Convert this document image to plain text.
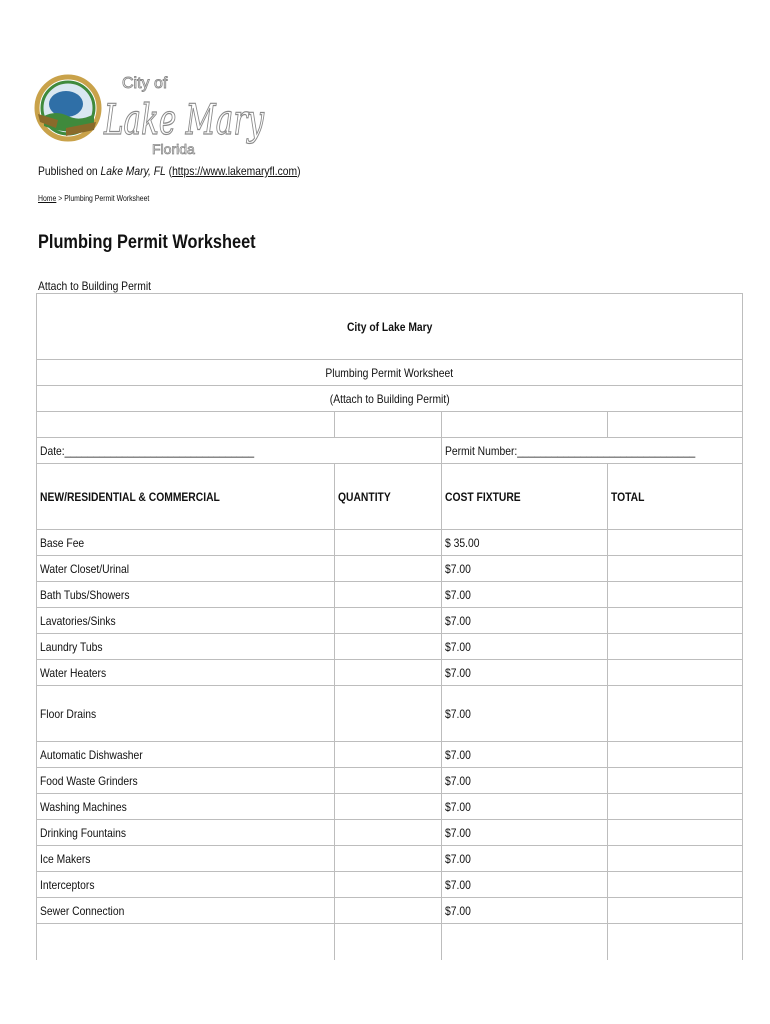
City of
Lake Mary
Florida
Published on Lake Mary, FL (https://www.lakemaryfl.com)
Home > Plumbing Permit Worksheet
Plumbing Permit Worksheet
Attach to Building Permit
City of Lake Mary			
Plumbing Permit Worksheet			
(Attach to Building Permit)			

Date:_________________________________		Permit Number:_______________________________	
NEW/RESIDENTIAL & COMMERCIAL	QUANTITY	COST FIXTURE	TOTAL
Base Fee		$ 35.00	
Water Closet/Urinal		$7.00	
Bath Tubs/Showers		$7.00	
Lavatories/Sinks		$7.00	
Laundry Tubs		$7.00	
Water Heaters		$7.00	
Floor Drains		$7.00	
Automatic Dishwasher		$7.00	
Food Waste Grinders		$7.00	
Washing Machines		$7.00	
Drinking Fountains		$7.00	
Ice Makers		$7.00	
Interceptors		$7.00	
Sewer Connection		$7.00	
